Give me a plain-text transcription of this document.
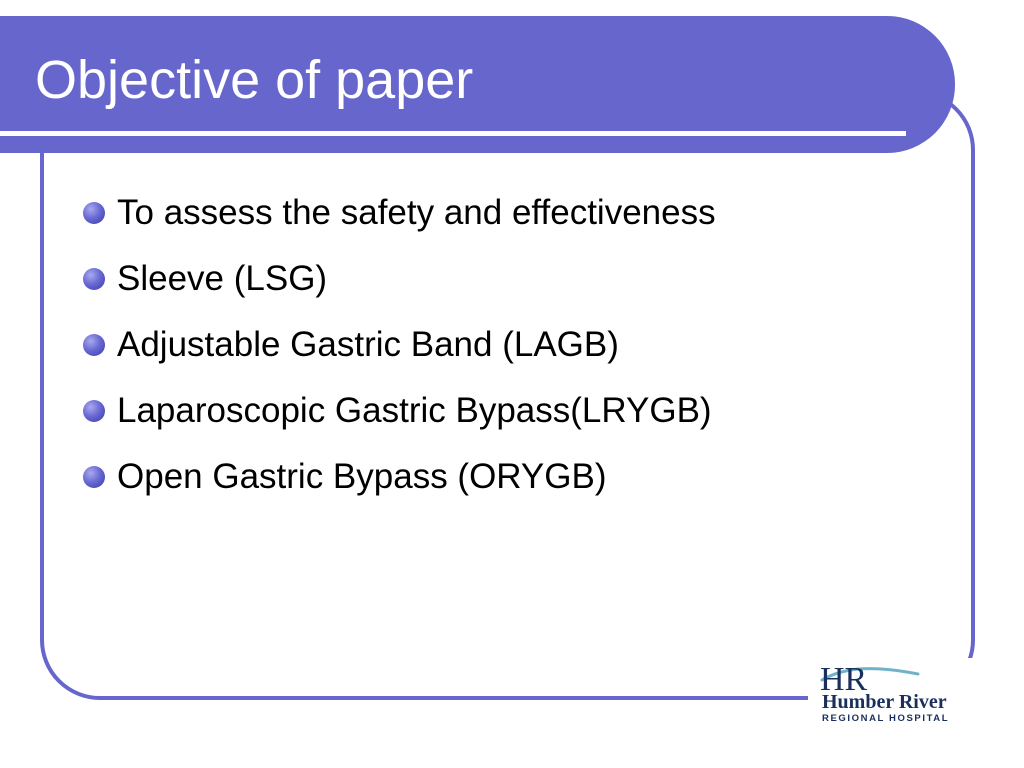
Objective of paper
To assess the safety and effectiveness
Sleeve (LSG)
Adjustable Gastric Band (LAGB)
Laparoscopic Gastric Bypass(LRYGB)
Open Gastric Bypass (ORYGB)
HR
Humber River
REGIONAL HOSPITAL
